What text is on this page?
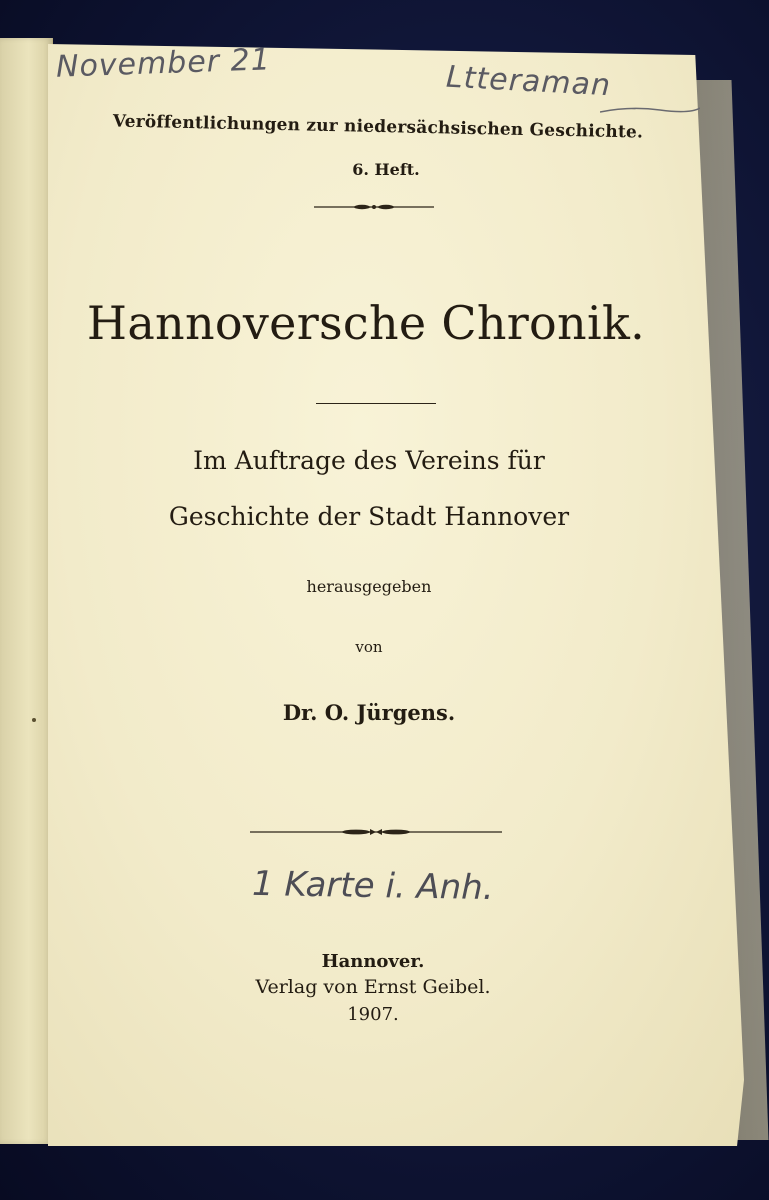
November 21	Ltteraman
Veröffentlichungen zur niedersächsischen Geschichte.
6. Heft.
Hannoversche Chronik.
Im Auftrage des Vereins für
Geschichte der Stadt Hannover
herausgegeben
von
Dr. O. Jürgens.
1 Karte i. Anh.
Hannover.
Verlag von Ernst Geibel.
1907.
